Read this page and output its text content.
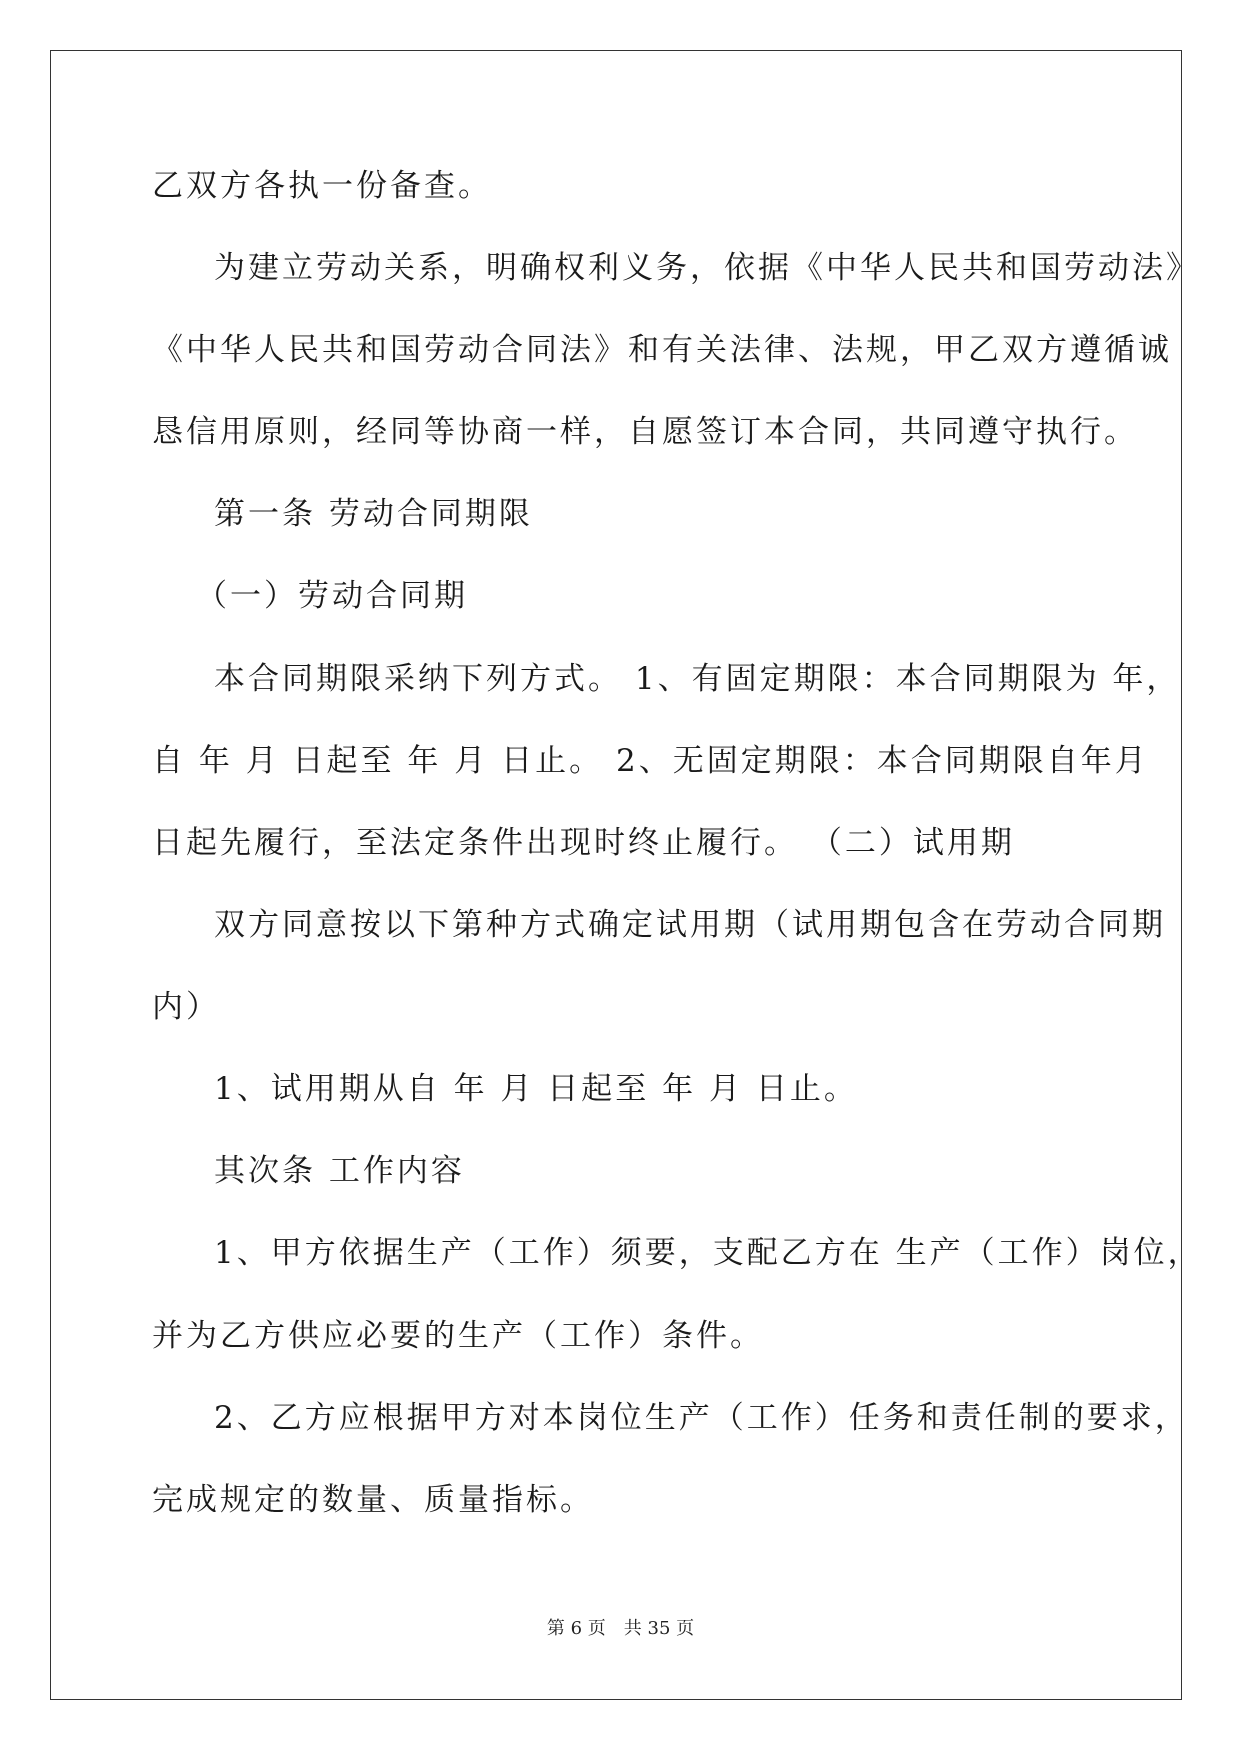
乙双方各执一份备查。
为建立劳动关系，明确权利义务，依据《中华人民共和国劳动法》
《中华人民共和国劳动合同法》和有关法律、法规，甲乙双方遵循诚
恳信用原则，经同等协商一样，自愿签订本合同，共同遵守执行。
第一条 劳动合同期限
（一）劳动合同期
本合同期限采纳下列方式。 1、有固定期限：本合同期限为 年，
自 年 月 日起至 年 月 日止。 2、无固定期限：本合同期限自年月
日起先履行，至法定条件出现时终止履行。 （二）试用期
双方同意按以下第种方式确定试用期（试用期包含在劳动合同期
内）
1、试用期从自 年 月 日起至 年 月 日止。
其次条 工作内容
1、甲方依据生产（工作）须要，支配乙方在 生产（工作）岗位，
并为乙方供应必要的生产（工作）条件。
2、乙方应根据甲方对本岗位生产（工作）任务和责任制的要求，
完成规定的数量、质量指标。
第 6 页　共 35 页
